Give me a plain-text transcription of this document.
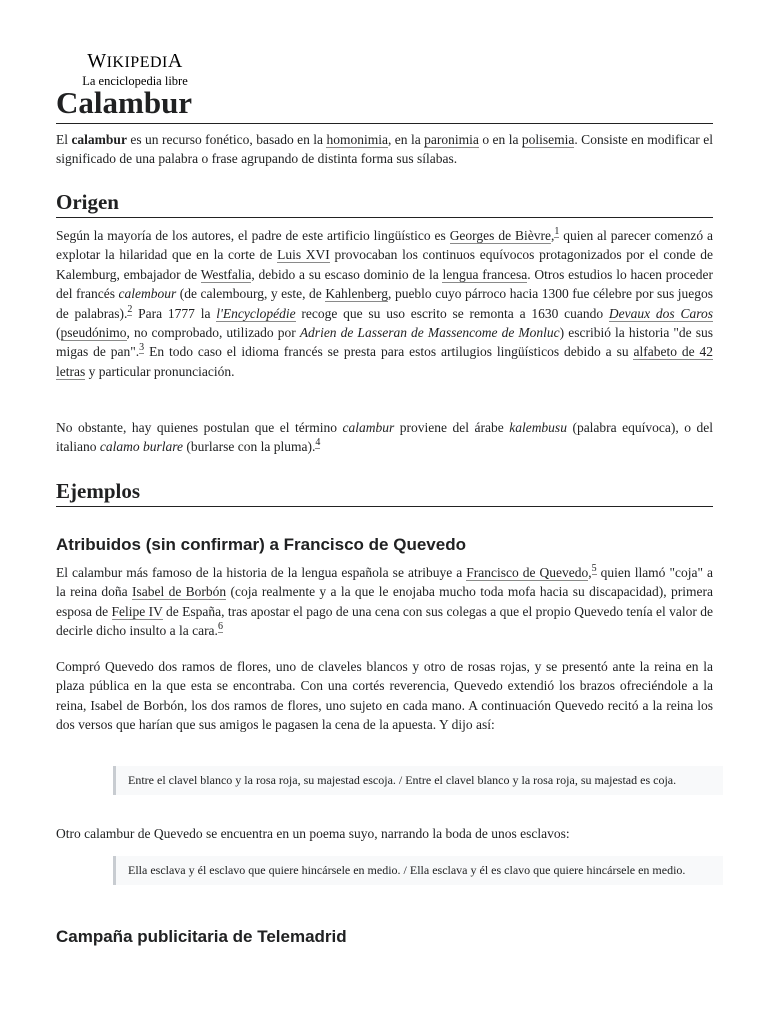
WIKIPEDIA
La enciclopedia libre
Calambur

El calambur es un recurso fonético, basado en la homonimia, en la paronimia o en la polisemia. Consiste en modificar el significado de una palabra o frase agrupando de distinta forma sus sílabas.

Origen

Según la mayoría de los autores, el padre de este artificio lingüístico es Georges de Bièvre,$^1$ quien al parecer comenzó a explotar la hilaridad que en la corte de Luis XVI provocaban los continuos equívocos protagonizados por el conde de Kalemburg, embajador de Westfalia, debido a su escaso dominio de la lengua francesa. Otros estudios lo hacen proceder del francés calembour (de calembourg, y este, de Kahlenberg, pueblo cuyo párroco hacia 1300 fue célebre por sus juegos de palabras).$^2$ Para 1777 la l'Encyclopédie recoge que su uso escrito se remonta a 1630 cuando Devaux dos Caros (pseudónimo, no comprobado, utilizado por Adrien de Lasseran de Massencome de Monluc) escribió la historia "de sus migas de pan".$^3$ En todo caso el idioma francés se presta para estos artilugios lingüísticos debido a su alfabeto de 42 letras y particular pronunciación.

No obstante, hay quienes postulan que el término calambur proviene del árabe kalembusu (palabra equívoca), o del italiano calamo burlare (burlarse con la pluma).$^4$

Ejemplos
Atribuidos (sin confirmar) a Francisco de Quevedo

El calambur más famoso de la historia de la lengua española se atribuye a Francisco de Quevedo,$^5$ quien llamó "coja" a la reina doña Isabel de Borbón (coja realmente y a la que le enojaba mucho toda mofa hacia su discapacidad), primera esposa de Felipe IV de España, tras apostar el pago de una cena con sus colegas a que el propio Quevedo tenía el valor de decirle dicho insulto a la cara.$^6$

Compró Quevedo dos ramos de flores, uno de claveles blancos y otro de rosas rojas, y se presentó ante la reina en la plaza pública en la que esta se encontraba. Con una cortés reverencia, Quevedo extendió los brazos ofreciéndole a la reina, Isabel de Borbón, los dos ramos de flores, uno sujeto en cada mano. A continuación Quevedo recitó a la reina los dos versos que harían que sus amigos le pagasen la cena de la apuesta. Y dijo así:

Entre el clavel blanco y la rosa roja, su majestad escoja. / Entre el clavel blanco y la rosa roja, su majestad es coja.

Otro calambur de Quevedo se encuentra en un poema suyo, narrando la boda de unos esclavos:

Ella esclava y él esclavo que quiere hincársele en medio. / Ella esclava y él es clavo que quiere hincársele en medio.
Campaña publicitaria de Telemadrid
